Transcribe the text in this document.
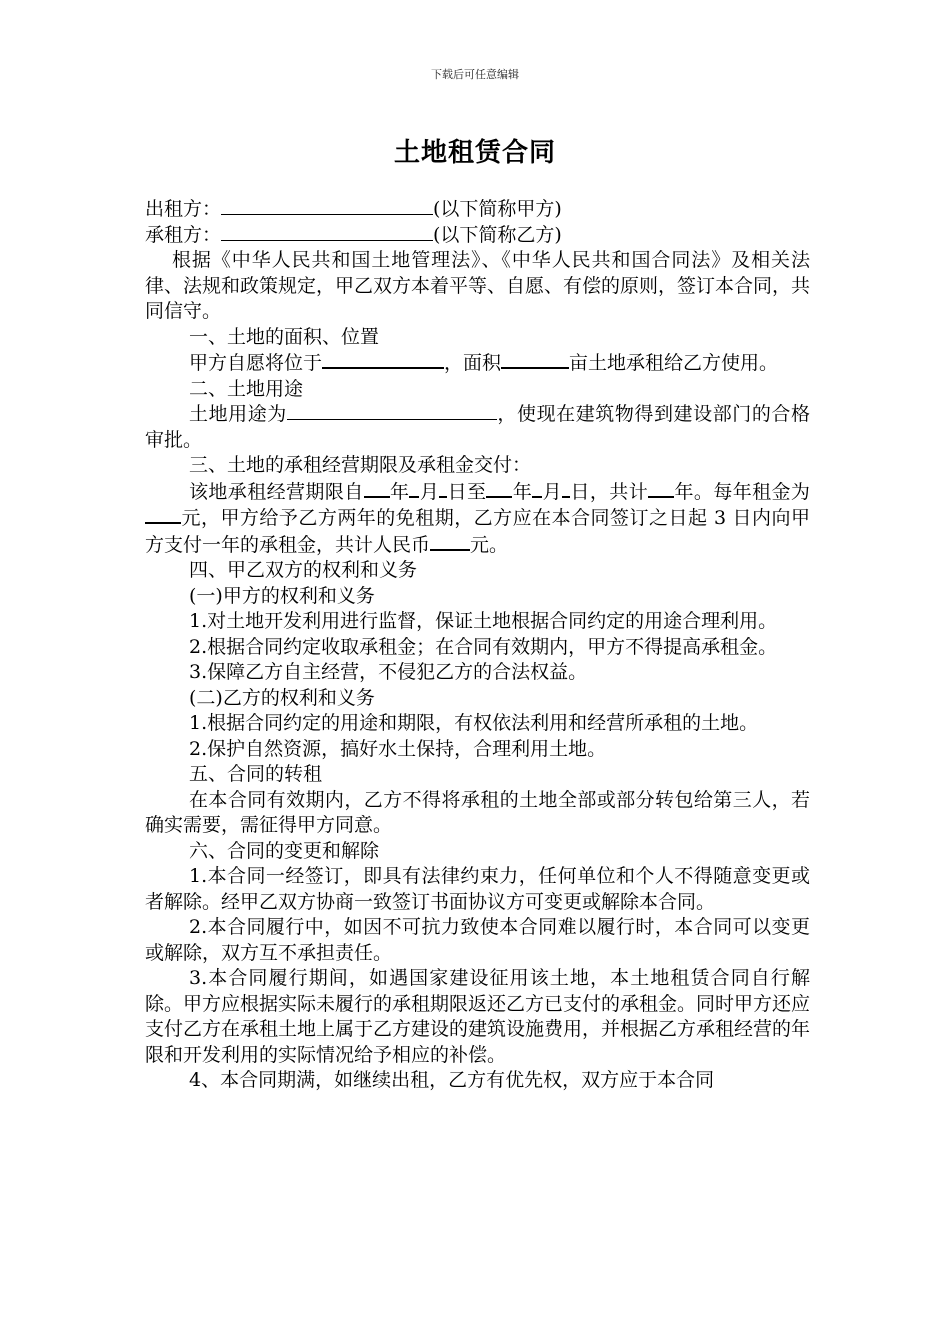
下载后可任意编辑
土地租赁合同

出租方：	(以下简称甲方)

承租方：	(以下简称乙方)

根据《中华人民共和国土地管理法》、《中华人民共和国合同法》及相关法律、法规和政策规定，甲乙双方本着平等、自愿、有偿的原则，签订本合同，共同信守。

一、土地的面积、位置

甲方自愿将位于	，面积	亩土地承租给乙方使用。

二、土地用途

土地用途为	，使现在建筑物得到建设部门的合格审批。

三、土地的承租经营期限及承租金交付：

该地承租经营期限自 年 月 日至 年 月 日，共计 年。每年租金为元，甲方给予乙方两年的免租期，乙方应在本合同签订之日起 3 日内向甲方支付一年的承租金，共计人民币 元。

四、甲乙双方的权利和义务

(一)甲方的权利和义务

1.对土地开发利用进行监督，保证土地根据合同约定的用途合理利用。

2.根据合同约定收取承租金；在合同有效期内，甲方不得提高承租金。

3.保障乙方自主经营，不侵犯乙方的合法权益。

(二)乙方的权利和义务

1.根据合同约定的用途和期限，有权依法利用和经营所承租的土地。

2.保护自然资源，搞好水土保持，合理利用土地。

五、合同的转租

在本合同有效期内，乙方不得将承租的土地全部或部分转包给第三人，若确实需要，需征得甲方同意。

六、合同的变更和解除

1.本合同一经签订，即具有法律约束力，任何单位和个人不得随意变更或者解除。经甲乙双方协商一致签订书面协议方可变更或解除本合同。

2.本合同履行中，如因不可抗力致使本合同难以履行时，本合同可以变更或解除，双方互不承担责任。

3.本合同履行期间，如遇国家建设征用该土地，本土地租赁合同自行解除。甲方应根据实际未履行的承租期限返还乙方已支付的承租金。同时甲方还应支付乙方在承租土地上属于乙方建设的建筑设施费用，并根据乙方承租经营的年限和开发利用的实际情况给予相应的补偿。

4、本合同期满，如继续出租，乙方有优先权，双方应于本合同
